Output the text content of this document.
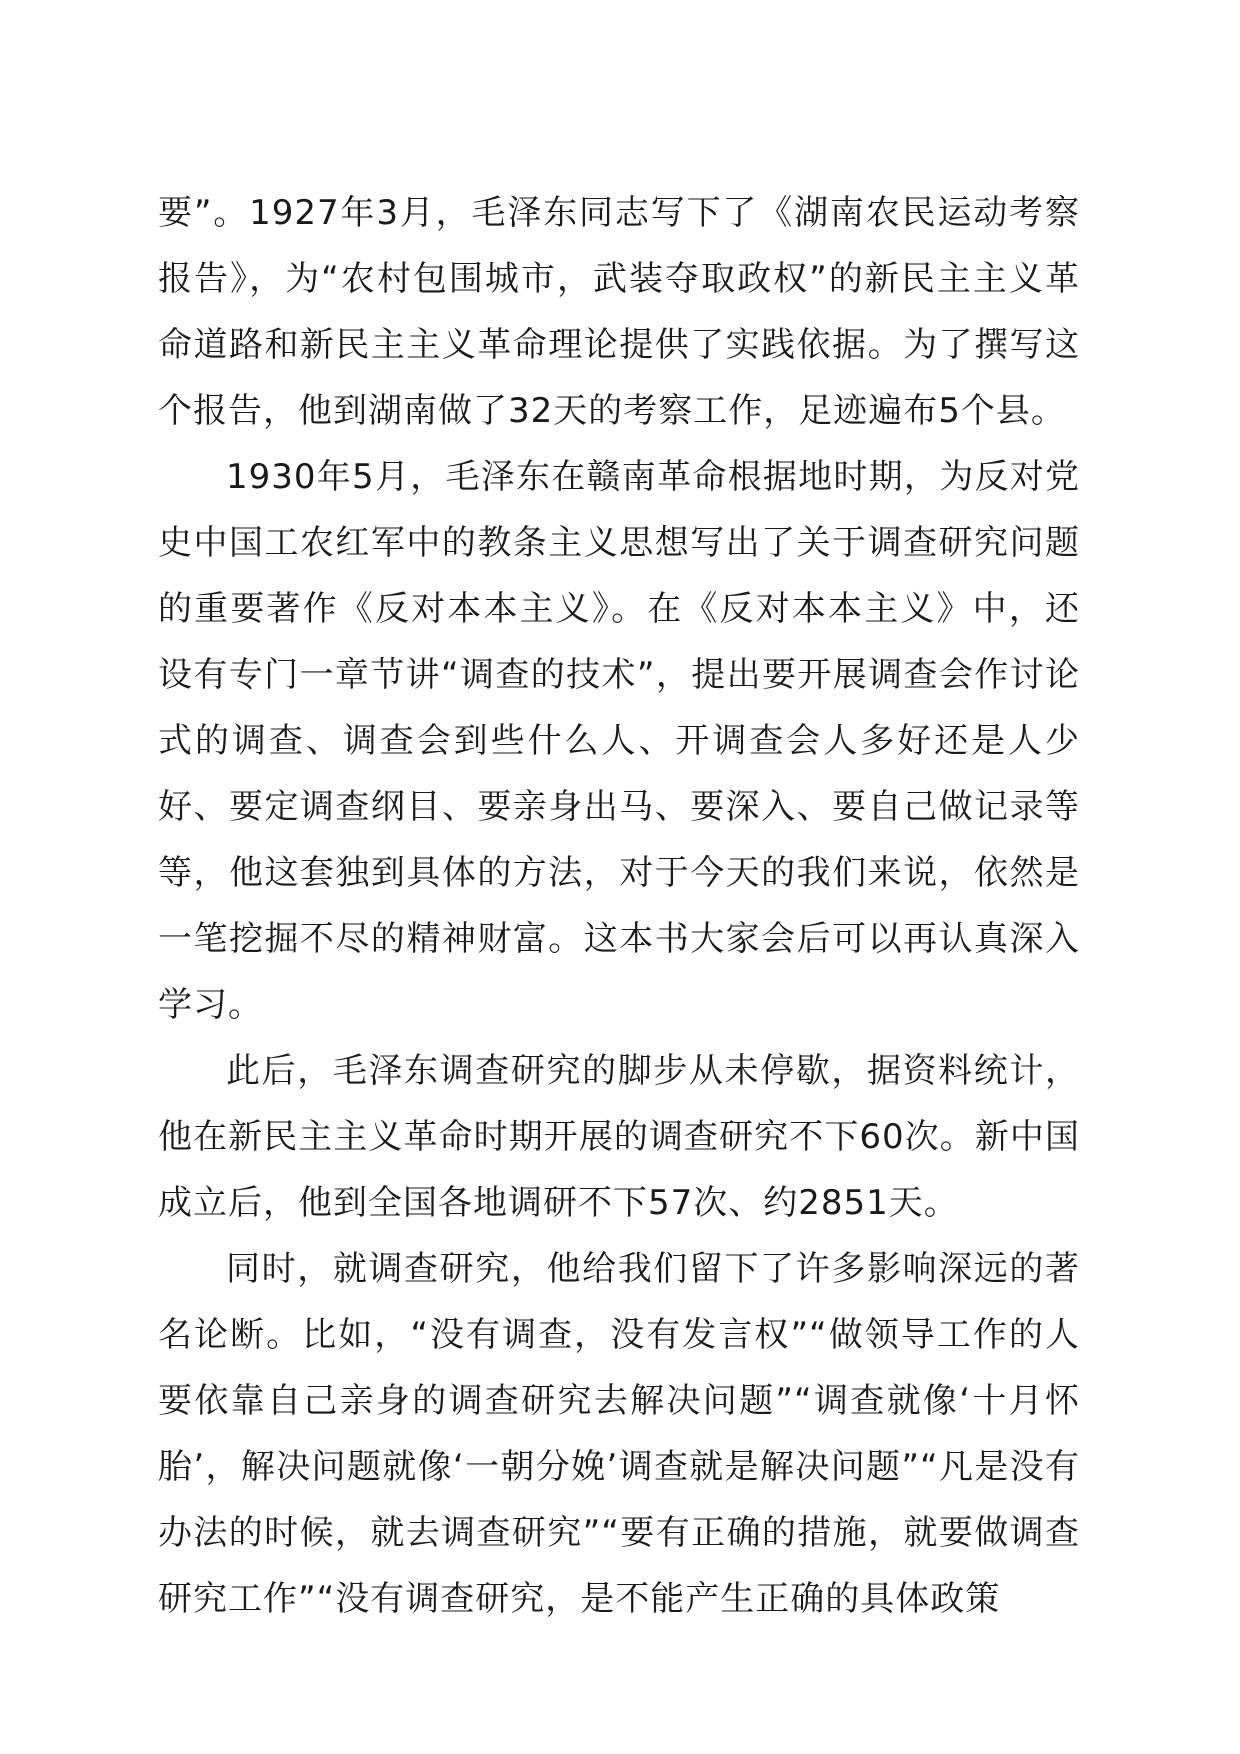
要”。1927年3月，毛泽东同志写下了《湖南农民运动考察报告》，为“农村包围城市，武装夺取政权”的新民主主义革命道路和新民主主义革命理论提供了实践依据。为了撰写这个报告，他到湖南做了32天的考察工作，足迹遍布5个县。

1930年5月，毛泽东在赣南革命根据地时期，为反对党史中国工农红军中的教条主义思想写出了关于调查研究问题的重要著作《反对本本主义》。在《反对本本主义》中，还设有专门一章节讲“调查的技术”，提出要开展调查会作讨论式的调查、调查会到些什么人、开调查会人多好还是人少好、要定调查纲目、要亲身出马、要深入、要自己做记录等等，他这套独到具体的方法，对于今天的我们来说，依然是一笔挖掘不尽的精神财富。这本书大家会后可以再认真深入学习。

此后，毛泽东调查研究的脚步从未停歇，据资料统计，他在新民主主义革命时期开展的调查研究不下60次。新中国成立后，他到全国各地调研不下57次、约2851天。

同时，就调查研究，他给我们留下了许多影响深远的著名论断。比如，“没有调查，没有发言权”“做领导工作的人要依靠自己亲身的调查研究去解决问题”“调查就像‘十月怀胎’，解决问题就像‘一朝分娩’调查就是解决问题”“凡是没有办法的时候，就去调查研究”“要有正确的措施，就要做调查研究工作”“没有调查研究，是不能产生正确的具体政策
